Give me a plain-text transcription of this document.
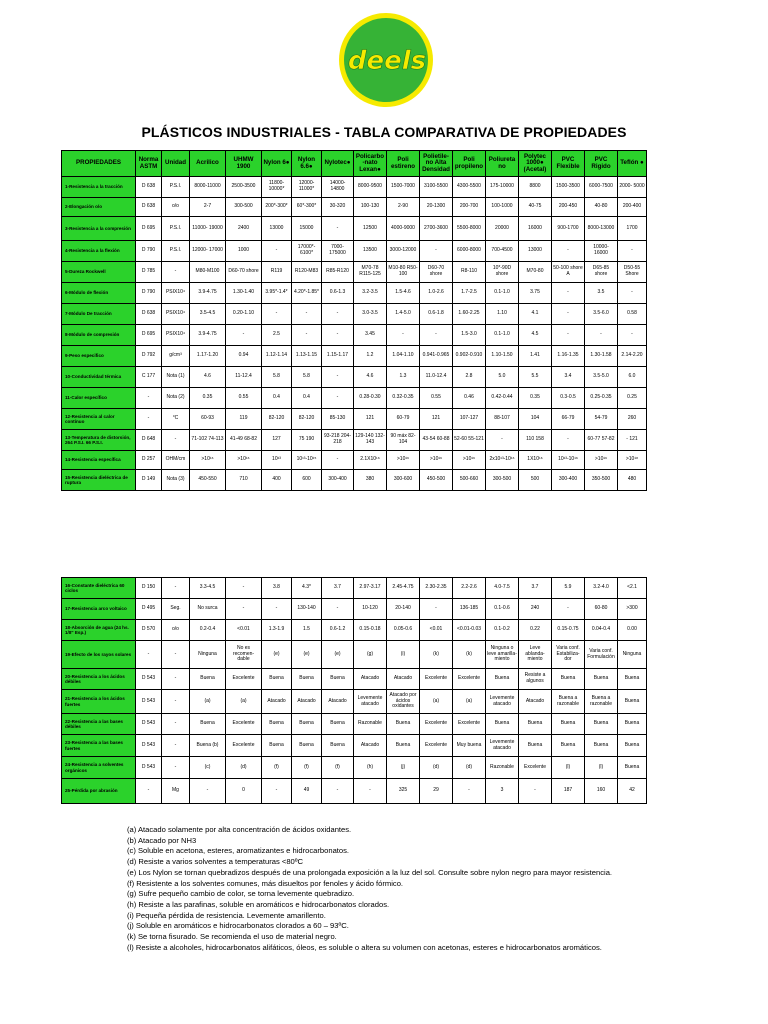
deels
PLÁSTICOS INDUSTRIALES - TABLA COMPARATIVA DE PROPIEDADES
PROPIEDADES	Norma ASTM	Unidad	Acrilico	UHMW 1900	Nylon 6●	Nylon 6.6●	Nylotec●	Policarbo -nato Lexan●	Poli estireno	Polietile- no Alta Densidad	Poli propileno	Poliureta no	Polytec 1000● (Acetal)	PVC Flexible	PVC Rigido	Teflón ●
1-Resistencia a la tracción	D 638	P.S.I.	8000-11000	2500-3500	11800- 10000*	12000- 11000*	14000- 14800	8000-9500	1500-7000	3100-5500	4300-5500	175-10000	8800	1500-3500	6000-7500	2000- 5000
2-Elongación o/o	D 638	o/o	2-7	300-500	200*-300*	60*-300*	30-320	100-130	2-90	20-1300	200-700	100-1000	40-75	200-450	40-80	200-400
3-Resistencia a la compresión	D 695	P.S.I.	11000- 19000	2400	13000	15000	-	12500	4000-9000	2700-3600	5500-8000	20000	16000	900-1700	8000-13000	1700
4-Resistencia a la flexión	D 790	P.S.I.	12000- 17000	1000	-	17000*- 6100*	7000- 175000	13500	3000-12000	-	6000-8000	700-4500	13000	-	10000- 16000	-
5-Dureza Rockwell	D 785	-	M80-M100	D60-70 shore	R119	R120-M83	R85-R120	M70-78 R115-125	M10-80 R50-100	D60-70 shore	R8-110	10*-90D shore	M70-80	50-100 shore A	D65-85 shore	D50-55 Shore
6-Módulo de flexión	D 790	PSIX10⁴	3.9-4.75	1.30-1.40	3.95*-1.4*	4.20*-1.85*	0.6-1.3	3.2-3.5	1.5-4.6	1.0-2.6	1.7-2.5	0.1-1.0	3.75	-	3.5	-
7-Módulo De tracción	D 638	PSIX10⁴	3.5-4.5	0.20-1.10	-	-	-	3.0-3.5	1.4-5.0	0.6-1.8	1.60-2.25	1.10	4.1	-	3.5-6.0	0.58
8-Módulo de compresión	D 695	PSIX10⁴	3.9-4.75	-	2.5	-	-	3.45	-	-	1.5-3.0	0.1-1.0	4.5	-	-	-
9-Peso especifico	D 792	g/cm³	1.17-1.20	0.94	1.12-1.14	1.13-1.15	1.15-1.17	1.2	1.04-1.10	0.941-0.965	0.902-0.910	1.10-1.50	1.41	1.16-1.35	1.30-1.58	2.14-2.20
10-Conductividad térmica	C 177	Nota (1)	4.6	11-12.4	5.8	5.8	-	4.6	1.3	11.0-12.4	2.8	5.0	5.5	3.4	3.5-5.0	6.0
11-Calor específico	-	Nota (2)	0.35	0.55	0.4	0.4	-	0.28-0.30	0.32-0.35	0.55	0.46	0.42-0.44	0.35	0.3-0.5	0.25-0.35	0.25
12-Resistencia al calor contínuo	-	°C	60-93	119	82-120	82-120	85-130	121	60-79	121	107-127	88-107	104	66-79	54-79	260
13-Temperatura de distorsión, 264 P.S.I. 66 P.S.I.	D 648	-	71-102 74-113	41-49 68-82	127	75 190	93-218 204-218	129-140 132-143	90 máx 82-104	43-54 60-88	52-60 55-121	-	110 158	-	60-77 57-82	- 121
14-Resistencia específica	D 257	OHM/cm	>10¹⁶	>10¹⁶	10¹³	10¹³-10¹⁵	-	2.1X10¹⁶	>10¹⁶	>10¹⁶	>10¹⁶	2x10¹³-10¹⁶	1X10¹⁶	10¹³-10¹⁶	>10¹⁶	>10¹⁸
15-Resistencia dieléctrica de ruptura	D 149	Nota (3)	450-550	710	400	600	300-400	380	300-600	450-500	500-660	300-500	500	300-400	350-500	480
16-Constante dieléctrica 60 ciclos	D 150	-	3.3-4.5	-	3.8	4.3*	3.7	2.97-3.17	2.45-4.75	2.30-2.35	2.2-2.6	4.0-7.5	3.7	5.9	3.2-4.0	<2.1
17-Resistencia arco voltaico	D 495	Seg.	No surca	-	-	130-140	-	10-120	20-140	-	136-185	0.1-0.6	240	-	60-80	>300
18-Absorción de agua (24 hs. 1/8" Esp.)	D 570	o/o	0.2-0.4	<0.01	1.3-1.9	1.5	0.6-1.2	0.15-0.18	0.05-0.6	<0.01	<0.01-0.03	0.1-0.2	0.22	0.15-0.75	0.04-0.4	0.00
19-Efecto de los rayos solares	-	-	Ninguna	No es recomen- dable	(e)	(e)	(e)	(g)	(i)	(k)	(k)	Ninguna o leve amarilla- miento	Leve ablanda- miento	Varia conf. Estabiliza- dor	Varia conf. Formulación	Ninguna
20-Resistencia a los ácidos débiles	D 543	-	Buena	Excelente	Buena	Buena	Buena	Atacado	Atacado	Excelente	Excelente	Buena	Resiste a algunos	Buena	Buena	Buena
21-Resistencia a los ácidos fuertes	D 543	-	(a)	(a)	Atacado	Atacado	Atacado	Levemente atacado	Atacado por ácidos oxidantes	(a)	(a)	Levemente atacado	Atacado	Buena a razonable	Buena a razonable	Buena
22-Resistencia a las bases débiles	D 543	-	Buena	Excelente	Buena	Buena	Buena	Razonable	Buena	Excelente	Excelente	Buena	Buena	Buena	Buena	Buena
23-Resistencia a las bases fuertes	D 543	-	Buena (b)	Excelente	Buena	Buena	Buena	Atacado	Buena	Excelente	Muy buena	Levemente atacado	Buena	Buena	Buena	Buena
24-Resistencia a solventes orgánicos	D 543	-	(c)	(d)	(f)	(f)	(f)	(h)	(j)	(d)	(d)	Razonable	Excelente	(l)	(l)	Buena
25-Pérdida por abrasión	-	Mg	-	0	-	49	-	-	325	29	-	3	-	187	160	42
(a) Atacado solamente por alta concentración de ácidos oxidantes.
(b) Atacado por NH3
(c) Soluble en acetona, esteres, aromatizantes e hidrocarbonatos.
(d) Resiste a varios solventes a temperaturas <80ºC
(e) Los Nylon se tornan quebradizos después de una prolongada exposición a la luz del sol. Consulte sobre nylon negro para mayor resistencia.
(f) Resistente a los solventes comunes, más disueltos por fenoles y ácido fórmico.
(g) Sufre pequeño cambio de color, se torna levemente quebradizo.
(h) Resiste a las parafinas, soluble en aromáticos e hidrocarbonatos clorados.
(i) Pequeña pérdida de resistencia. Levemente amarillento.
(j) Soluble en aromáticos e hidrocarbonatos clorados a 60 – 93ºC.
(k) Se torna fisurado. Se recomienda el uso de material negro.
(l) Resiste a alcoholes, hidrocarbonatos alifáticos, óleos, es soluble o altera su volumen con acetonas, esteres e hidrocarbonatos aromáticos.
